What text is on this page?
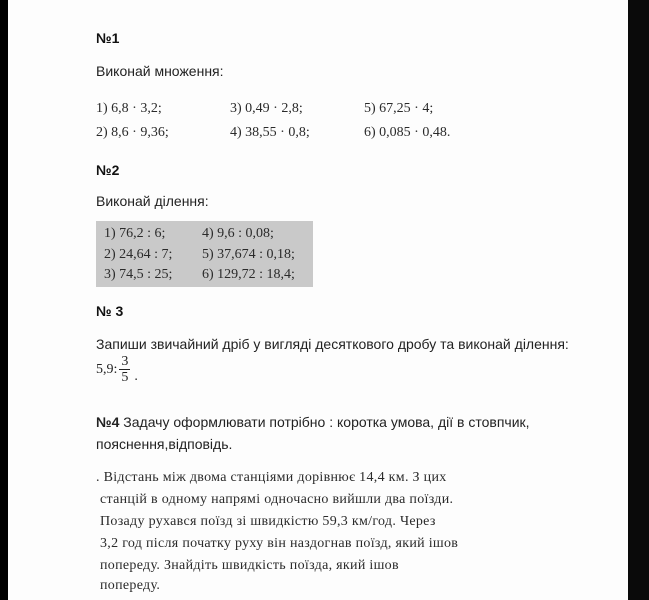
№1
Виконай множення:
1) 6,8 · 3,2;	3) 0,49 · 2,8;	5) 67,25 · 4;
2) 8,6 · 9,36;	4) 38,55 · 0,8;	6) 0,085 · 0,48.
№2
Виконай ділення:
1) 76,2 : 6;	4) 9,6 : 0,08;
2) 24,64 : 7;	5) 37,674 : 0,18;
3) 74,5 : 25;	6) 129,72 : 18,4;
№ 3
Запиши звичайний дріб у вигляді десяткового дробу та виконай ділення:
5,9: $\frac{3}{5}$ .
№4 Задачу оформлювати потрібно : коротка умова, дії в стовпчик,
пояснення,відповідь.
. Відстань між двома станціями дорівнює 14,4 км. З цих
станцій в одному напрямі одночасно вийшли два поїзди.
Позаду рухався поїзд зі швидкістю 59,3 км/год. Через
3,2 год після початку руху він наздогнав поїзд, який ішов
попереду. Знайдіть швидкість поїзда, який ішов
попереду.
